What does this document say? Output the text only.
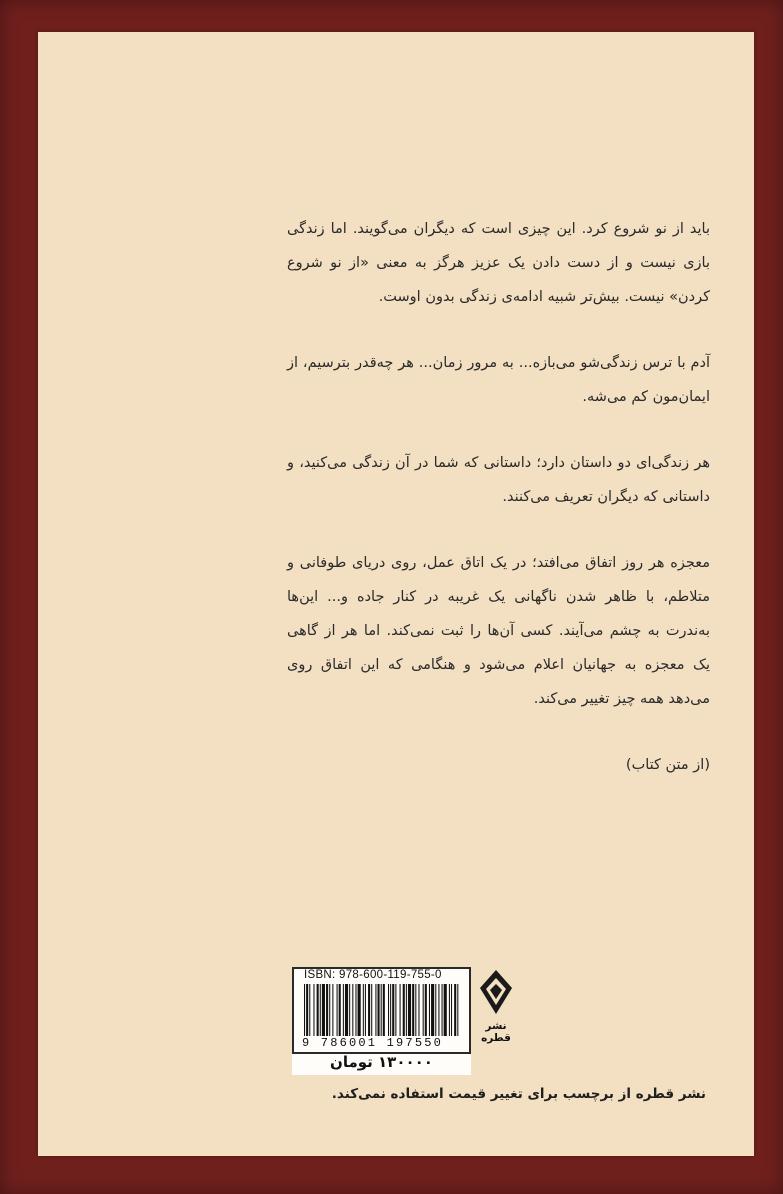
باید از نو شروع کرد. این چیزی است که دیگران می‌گویند. اما زندگی بازی نیست و از دست دادن یک عزیز هرگز به معنی «از نو شروع کردن» نیست. بیش‌تر شبیه ادامه‌ی زندگی بدون اوست.

آدم با ترس زندگی‌شو می‌بازه... به مرور زمان... هر چه‌قدر بترسیم، از ایمان‌مون کم می‌شه.

هر زندگی‌ای دو داستان دارد؛ داستانی که شما در آن زندگی می‌کنید، و داستانی که دیگران تعریف می‌کنند.

معجزه هر روز اتفاق می‌افتد؛ در یک اتاق عمل، روی دریای طوفانی و متلاطم، با ظاهر شدن ناگهانی یک غریبه در کنار جاده و... این‌ها به‌ندرت به چشم می‌آیند. کسی آن‌ها را ثبت نمی‌کند. اما هر از گاهی یک معجزه به جهانیان اعلام می‌شود و هنگامی که این اتفاق روی می‌دهد همه چیز تغییر می‌کند.

(از متن کتاب)

ISBN: 978-600-119-755-0
9 786001 197550
۱۳۰۰۰۰ تومان
نشر قطره
نشر قطره از برچسب برای تغییر قیمت استفاده نمی‌کند.
